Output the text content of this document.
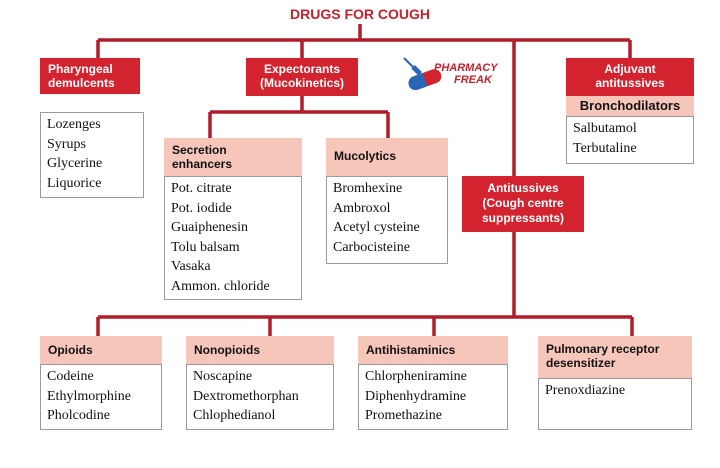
DRUGS FOR COUGH
PHARMACY
FREAK
Pharyngeal
demulcents
Lozenges
Syrups
Glycerine
Liquorice
Expectorants
(Mucokinetics)
Secretion
enhancers
Pot. citrate
Pot. iodide
Guaiphenesin
Tolu balsam
Vasaka
Ammon. chloride
Mucolytics
Bromhexine
Ambroxol
Acetyl cysteine
Carbocisteine
Adjuvant
antitussives
Bronchodilators
Salbutamol
Terbutaline
Antitussives
(Cough centre
suppressants)
Opioids
Codeine
Ethylmorphine
Pholcodine
Nonopioids
Noscapine
Dextromethorphan
Chlophedianol
Antihistaminics
Chlorpheniramine
Diphenhydramine
Promethazine
Pulmonary receptor
desensitizer
Prenoxdiazine
